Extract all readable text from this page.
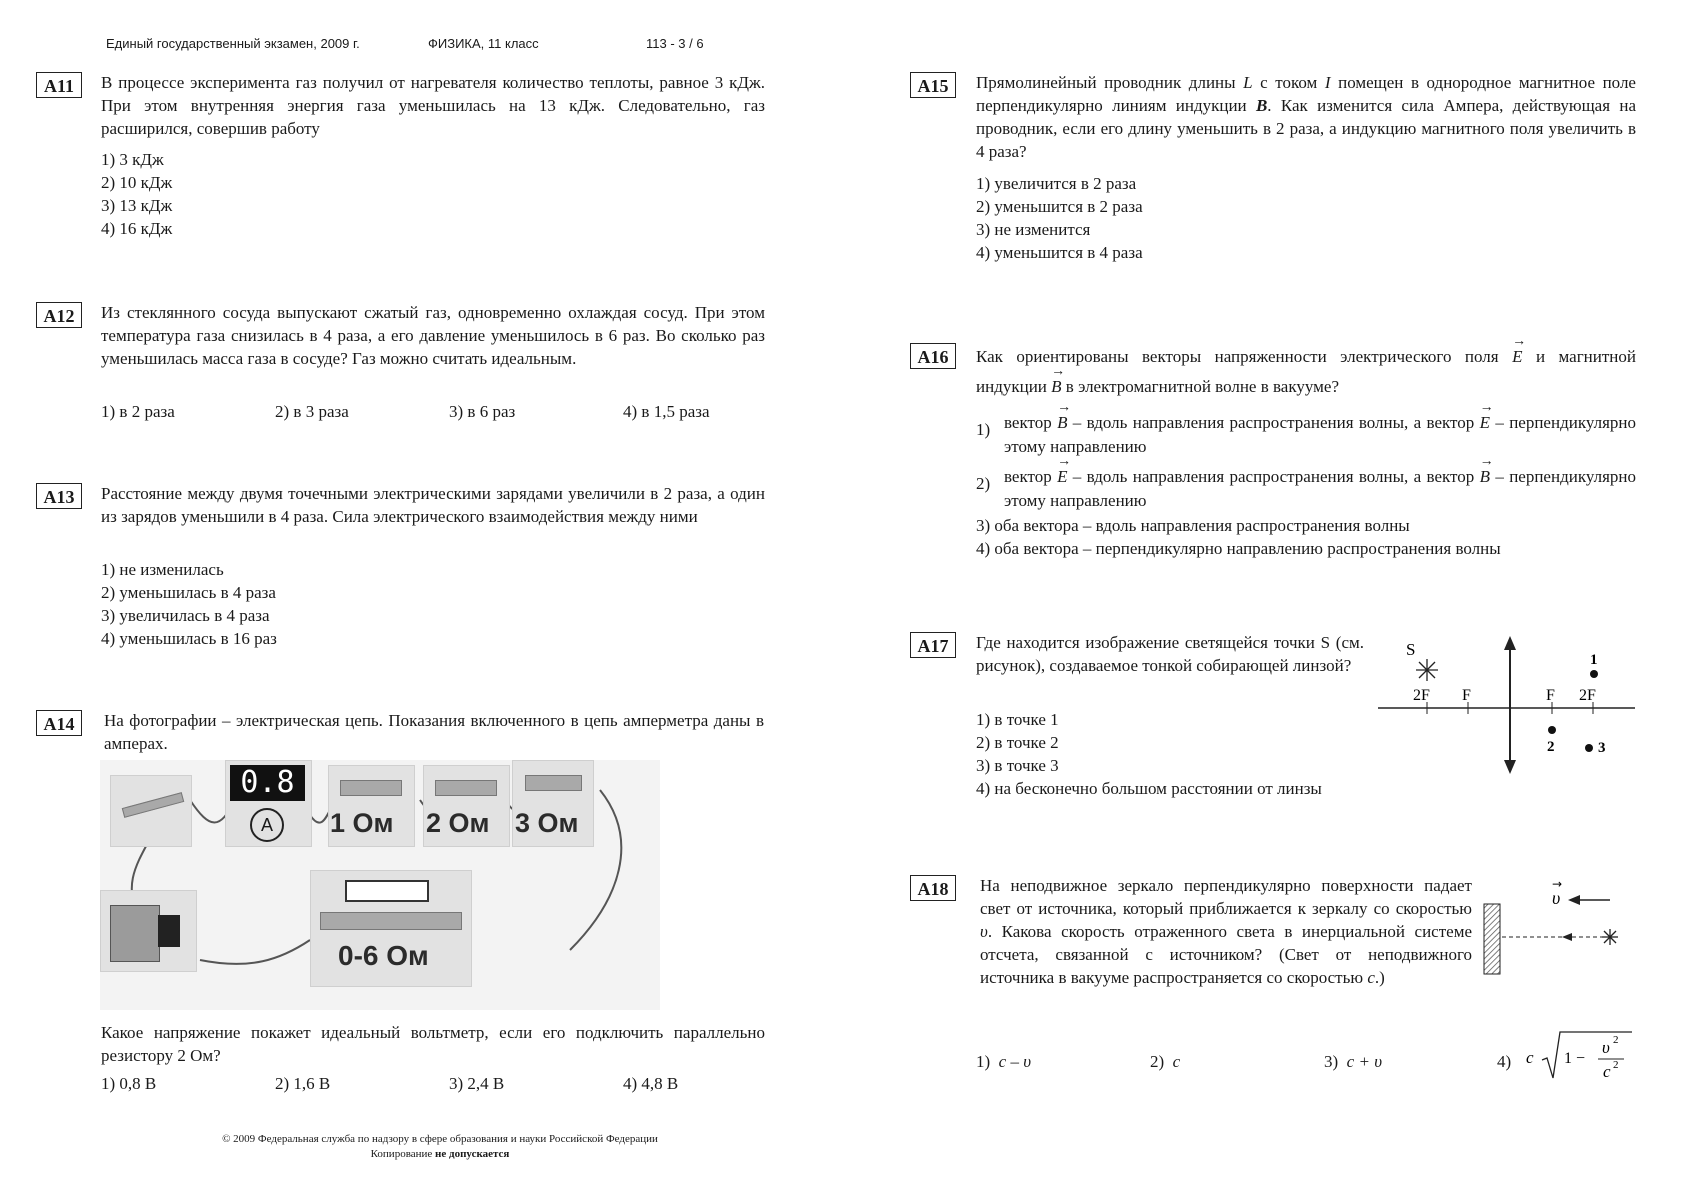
Единый государственный экзамен, 2009 г.	ФИЗИКА, 11 класс	113 - 3 / 6
A11	В процессе эксперимента газ получил от нагревателя количество теплоты, равное 3 кДж. При этом внутренняя энергия газа уменьшилась на 13 кДж. Следовательно, газ расширился, совершив работу
1) 3 кДж
2) 10 кДж
3) 13 кДж
4) 16 кДж
A12	Из стеклянного сосуда выпускают сжатый газ, одновременно охлаждая сосуд. При этом температура газа снизилась в 4 раза, а его давление уменьшилось в 6 раз. Во сколько раз уменьшилась масса газа в сосуде? Газ можно считать идеальным.
1) в 2 раза	2) в 3 раза	3) в 6 раз	4) в 1,5 раза
A13	Расстояние между двумя точечными электрическими зарядами увеличили в 2 раза, а один из зарядов уменьшили в 4 раза. Сила электрического взаимодействия между ними
1) не изменилась
2) уменьшилась в 4 раза
3) увеличилась в 4 раза
4) уменьшилась в 16 раз
A14	На фотографии – электрическая цепь. Показания включенного в цепь амперметра даны в амперах.
0.8
A	1 Ом 2 Ом 3 Ом
0-6 Ом
Какое напряжение покажет идеальный вольтметр, если его подключить параллельно резистору 2 Ом?
1) 0,8 В	2) 1,6 В	3) 2,4 В	4) 4,8 В
© 2009 Федеральная служба по надзору в сфере образования и науки Российской Федерации
Копирование не допускается
A15	Прямолинейный проводник длины L с током I помещен в однородное магнитное поле перпендикулярно линиям индукции B. Как изменится сила Ампера, действующая на проводник, если его длину уменьшить в 2 раза, а индукцию магнитного поля увеличить в 4 раза?
1) увеличится в 2 раза
2) уменьшится в 2 раза
3) не изменится
4) уменьшится в 4 раза
A16	Как ориентированы векторы напряженности электрического поля → E и магнитной индукции → B в электромагнитной волне в вакууме?
1) вектор → B – вдоль направления распространения волны, а вектор → E – перпендикулярно этому направлению
2) вектор → E – вдоль направления распространения волны, а вектор → B – перпендикулярно этому направлению
3) оба вектора – вдоль направления распространения волны
4) оба вектора – перпендикулярно направлению распространения волны
A17	Где находится изображение светящейся точки S (см. рисунок), создаваемое тонкой собирающей линзой?
1) в точке 1
2) в точке 2
3) в точке 3
4) на бесконечно большом расстоянии от линзы
S
2F F	F 2F
1
2	3
A18	На неподвижное зеркало перпендикулярно поверхности падает свет от источника, который приближается к зеркалу со скоростью υ. Какова скорость отраженного света в инерциальной системе отсчета, связанной с источником? (Свет от неподвижного источника в вакууме распространяется со скоростью c.)
υ
→
1) c – υ	2) c	3) c + υ	4) c 1 −
υ 2
c 2
